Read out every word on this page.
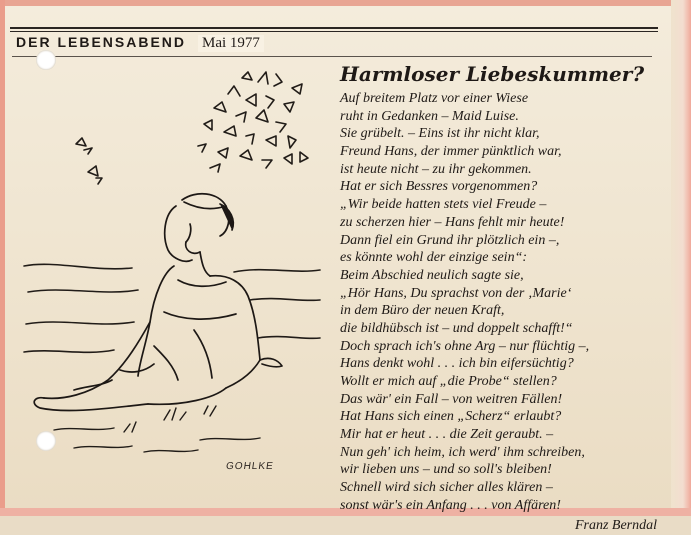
DER LEBENSABEND Mai 1977
GOHLKE
Harmloser Liebeskummer?
Auf breitem Platz vor einer Wiese
ruht in Gedanken – Maid Luise.
Sie grübelt. – Eins ist ihr nicht klar,
Freund Hans, der immer pünktlich war,
ist heute nicht – zu ihr gekommen.
Hat er sich Bessres vorgenommen?
„Wir beide hatten stets viel Freude –
zu scherzen hier – Hans fehlt mir heute!
Dann fiel ein Grund ihr plötzlich ein –,
es könnte wohl der einzige sein“:
Beim Abschied neulich sagte sie,
„Hör Hans, Du sprachst von der ‚Marie‘
in dem Büro der neuen Kraft,
die bildhübsch ist – und doppelt schafft!“
Doch sprach ich's ohne Arg – nur flüchtig –,
Hans denkt wohl . . . ich bin eifersüchtig?
Wollt er mich auf „die Probe“ stellen?
Das wär' ein Fall – von weitren Fällen!
Hat Hans sich einen „Scherz“ erlaubt?
Mir hat er heut . . . die Zeit geraubt. –
Nun geh' ich heim, ich werd' ihm schreiben,
wir lieben uns – und so soll's bleiben!
Schnell wird sich sicher alles klären –
sonst wär's ein Anfang . . . von Affären!
Franz Berndal
